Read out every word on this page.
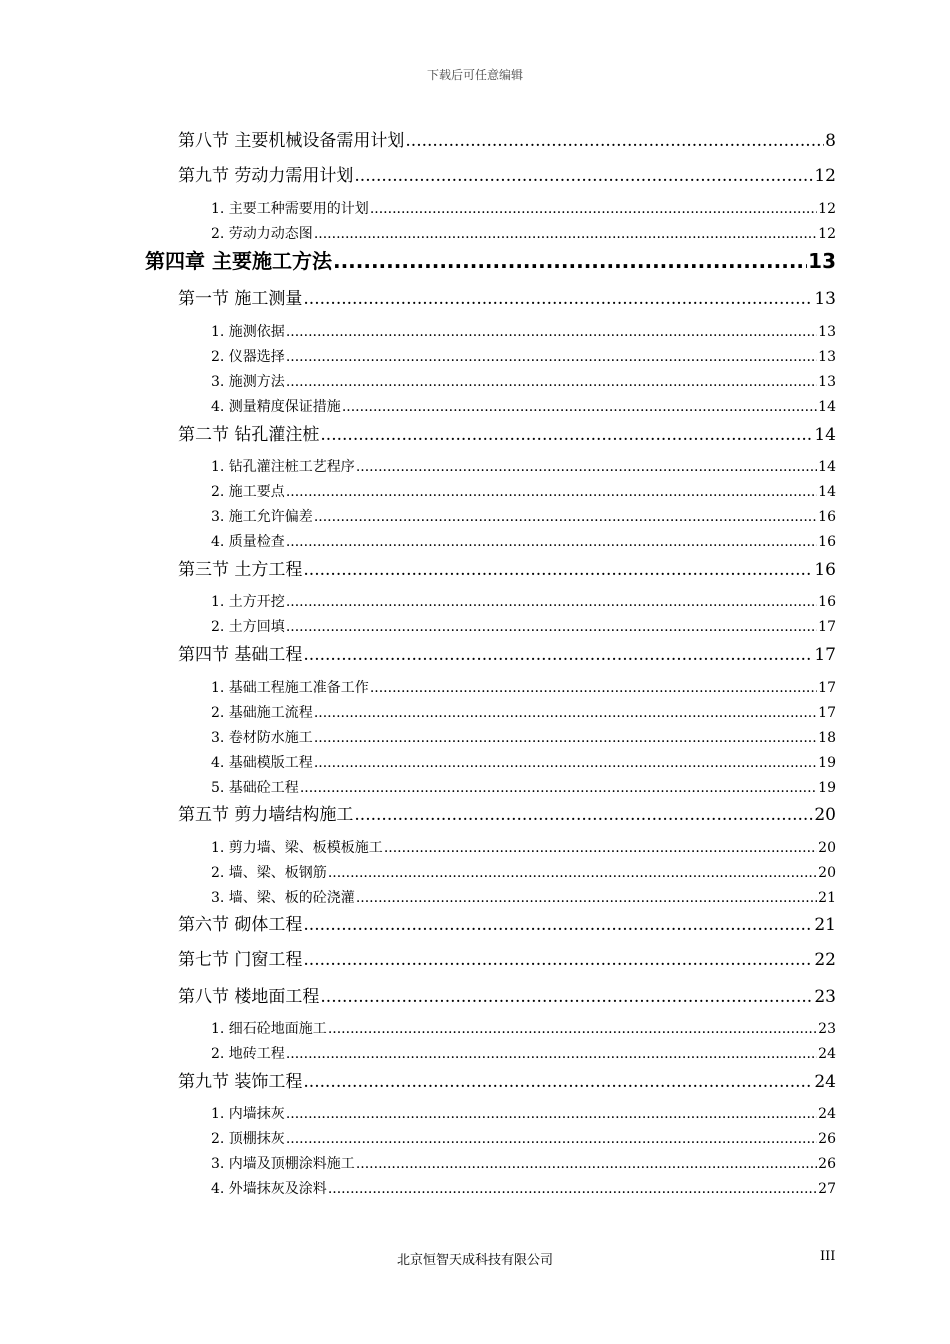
下载后可任意编辑
第八节 主要机械设备需用计划 .....	8
第九节 劳动力需用计划 .....	12
1. 主要工种需要用的计划 .....	12
2. 劳动力动态图 .....	12
第四章 主要施工方法 .....	13
第一节 施工测量 .....	13
1. 施测依据 .....	13
2. 仪器选择 .....	13
3. 施测方法 .....	13
4. 测量精度保证措施 .....	14
第二节 钻孔灌注桩 .....	14
1. 钻孔灌注桩工艺程序 .....	14
2. 施工要点 .....	14
3. 施工允许偏差 .....	16
4. 质量检查 .....	16
第三节 土方工程 .....	16
1. 土方开挖 .....	16
2. 土方回填 .....	17
第四节 基础工程 .....	17
1. 基础工程施工准备工作 .....	17
2. 基础施工流程 .....	17
3. 卷材防水施工 .....	18
4. 基础模版工程 .....	19
5. 基础砼工程 .....	19
第五节 剪力墙结构施工 .....	20
1. 剪力墙、梁、板模板施工 .....	20
2. 墙、梁、板钢筋 .....	20
3. 墙、梁、板的砼浇灌 .....	21
第六节 砌体工程 .....	21
第七节 门窗工程 .....	22
第八节 楼地面工程 .....	23
1. 细石砼地面施工 .....	23
2. 地砖工程 .....	24
第九节 装饰工程 .....	24
1. 内墙抹灰 .....	24
2. 顶棚抹灰 .....	26
3. 内墙及顶棚涂料施工 .....	26
4. 外墙抹灰及涂料 .....	27
北京恒智天成科技有限公司	III
